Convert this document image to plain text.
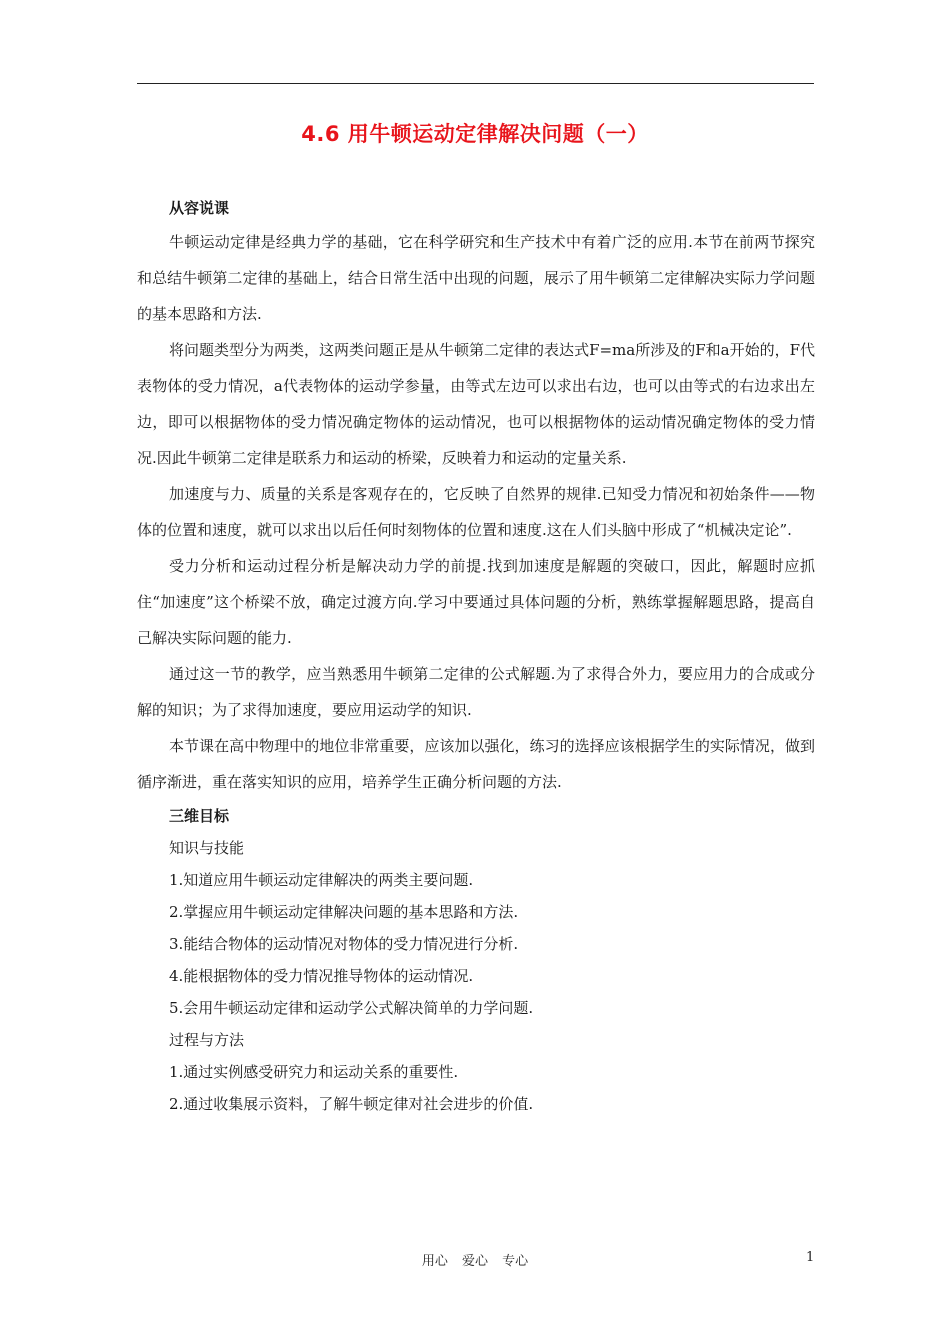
4.6 用牛顿运动定律解决问题（一）
从容说课

牛顿运动定律是经典力学的基础，它在科学研究和生产技术中有着广泛的应用.本节在前两节探究和总结牛顿第二定律的基础上，结合日常生活中出现的问题，展示了用牛顿第二定律解决实际力学问题的基本思路和方法.

将问题类型分为两类，这两类问题正是从牛顿第二定律的表达式F=ma所涉及的F和a开始的，F代表物体的受力情况，a代表物体的运动学参量，由等式左边可以求出右边，也可以由等式的右边求出左边，即可以根据物体的受力情况确定物体的运动情况，也可以根据物体的运动情况确定物体的受力情况.因此牛顿第二定律是联系力和运动的桥梁，反映着力和运动的定量关系.

加速度与力、质量的关系是客观存在的，它反映了自然界的规律.已知受力情况和初始条件——物体的位置和速度，就可以求出以后任何时刻物体的位置和速度.这在人们头脑中形成了“机械决定论”.

受力分析和运动过程分析是解决动力学的前提.找到加速度是解题的突破口，因此，解题时应抓住“加速度”这个桥梁不放，确定过渡方向.学习中要通过具体问题的分析，熟练掌握解题思路，提高自己解决实际问题的能力.

通过这一节的教学，应当熟悉用牛顿第二定律的公式解题.为了求得合外力，要应用力的合成或分解的知识；为了求得加速度，要应用运动学的知识.

本节课在高中物理中的地位非常重要，应该加以强化，练习的选择应该根据学生的实际情况，做到循序渐进，重在落实知识的应用，培养学生正确分析问题的方法.

三维目标
知识与技能
1.知道应用牛顿运动定律解决的两类主要问题.
2.掌握应用牛顿运动定律解决问题的基本思路和方法.
3.能结合物体的运动情况对物体的受力情况进行分析.
4.能根据物体的受力情况推导物体的运动情况.
5.会用牛顿运动定律和运动学公式解决简单的力学问题.
过程与方法
1.通过实例感受研究力和运动关系的重要性.
2.通过收集展示资料，了解牛顿定律对社会进步的价值.
用心 爱心 专心	1
